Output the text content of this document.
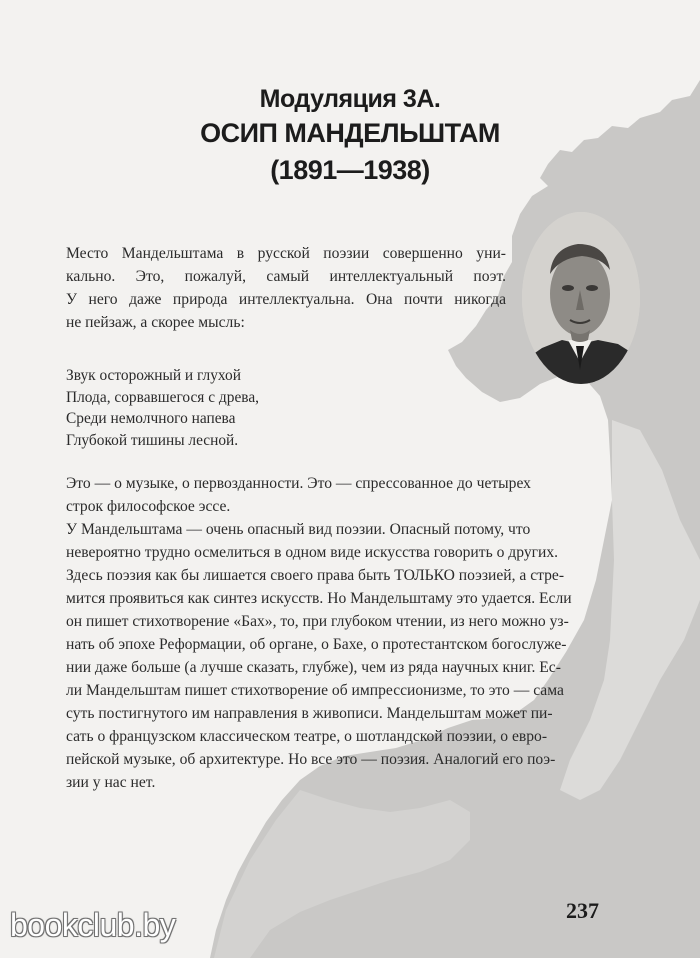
Модуляция 3А.
ОСИП МАНДЕЛЬШТАМ
(1891—1938)
Место Мандельштама в русской поэзии совершенно уни-
кально. Это, пожалуй, самый интеллектуальный поэт.
У него даже природа интеллектуальна. Она почти никогда
не пейзаж, а скорее мысль:
Звук осторожный и глухой
Плода, сорвавшегося с древа,
Среди немолчного напева
Глубокой тишины лесной.
Это — о музыке, о первозданности. Это — спрессованное до четырех
строк философское эссе.
У Мандельштама — очень опасный вид поэзии. Опасный потому, что
невероятно трудно осмелиться в одном виде искусства говорить о других.
Здесь поэзия как бы лишается своего права быть ТОЛЬКО поэзией, а стре-
мится проявиться как синтез искусств. Но Мандельштаму это удается. Если
он пишет стихотворение «Бах», то, при глубоком чтении, из него можно уз-
нать об эпохе Реформации, об органе, о Бахе, о протестантском богослуже-
нии даже больше (а лучше сказать, глубже), чем из ряда научных книг. Ес-
ли Мандельштам пишет стихотворение об импрессионизме, то это — сама
суть постигнутого им направления в живописи. Мандельштам может пи-
сать о французском классическом театре, о шотландской поэзии, о евро-
пейской музыке, об архитектуре. Но все это — поэзия. Аналогий его поэ-
зии у нас нет.
237
bookclub.by
